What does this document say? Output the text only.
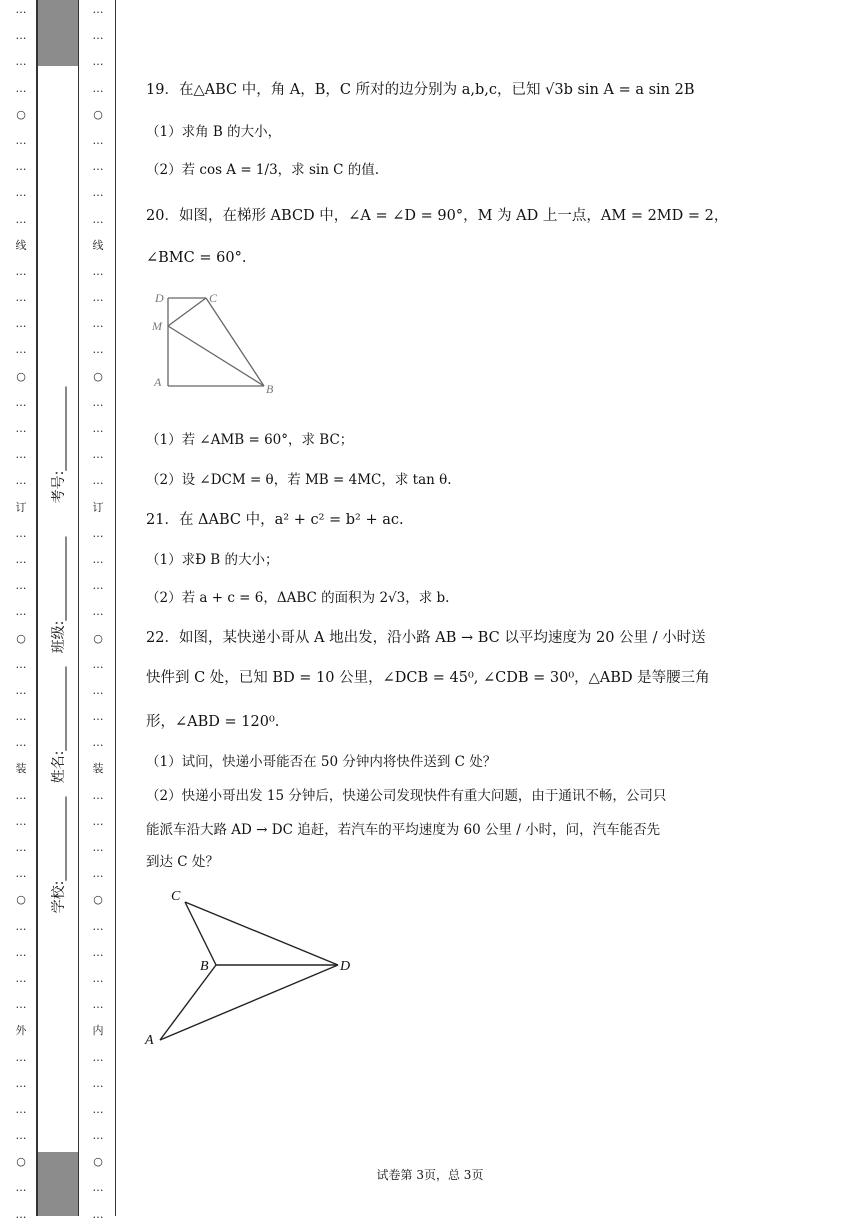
…
…
…
…
○
…
…
…
…
线
…
…
…
…
○
…
…
…
…
订
…
…
…
…
○
…
…
…
…
装
…
…
…
…
○
…
…
…
…
外
…
…
…
…
○
…
…
考号:____________
班级:____________
姓名:____________
学校:____________
…
…
…
…
○
…
…
…
…
线
…
…
…
…
○
…
…
…
…
订
…
…
…
…
○
…
…
…
…
装
…
…
…
…
○
…
…
…
…
内
…
…
…
…
○
…
…
19．在△ABC 中，角 A，B，C 所对的边分别为 a,b,c，已知 √3b sin A = a sin 2B
（1）求角 B 的大小，
（2）若 cos A = 1/3，求 sin C 的值.
20．如图，在梯形 ABCD 中，∠A = ∠D = 90°，M 为 AD 上一点，AM = 2MD = 2，
∠BMC = 60°.
D	C
M
A	B
（1）若 ∠AMB = 60°，求 BC；
（2）设 ∠DCM = θ，若 MB = 4MC，求 tan θ.
21．在 ΔABC 中，a² + c² = b² + ac.
（1）求Ð B 的大小；
（2）若 a + c = 6，ΔABC 的面积为 2√3，求 b.
22．如图，某快递小哥从 A 地出发，沿小路 AB → BC 以平均速度为 20 公里 / 小时送
快件到 C 处，已知 BD = 10 公里，∠DCB = 45⁰, ∠CDB = 30⁰，△ABD 是等腰三角
形，∠ABD = 120⁰.
（1）试问，快递小哥能否在 50 分钟内将快件送到 C 处？
（2）快递小哥出发 15 分钟后，快递公司发现快件有重大问题，由于通讯不畅，公司只
能派车沿大路 AD → DC 追赶，若汽车的平均速度为 60 公里 / 小时，问，汽车能否先
到达 C 处？
C
B	D
A
试卷第 3页，总 3页
